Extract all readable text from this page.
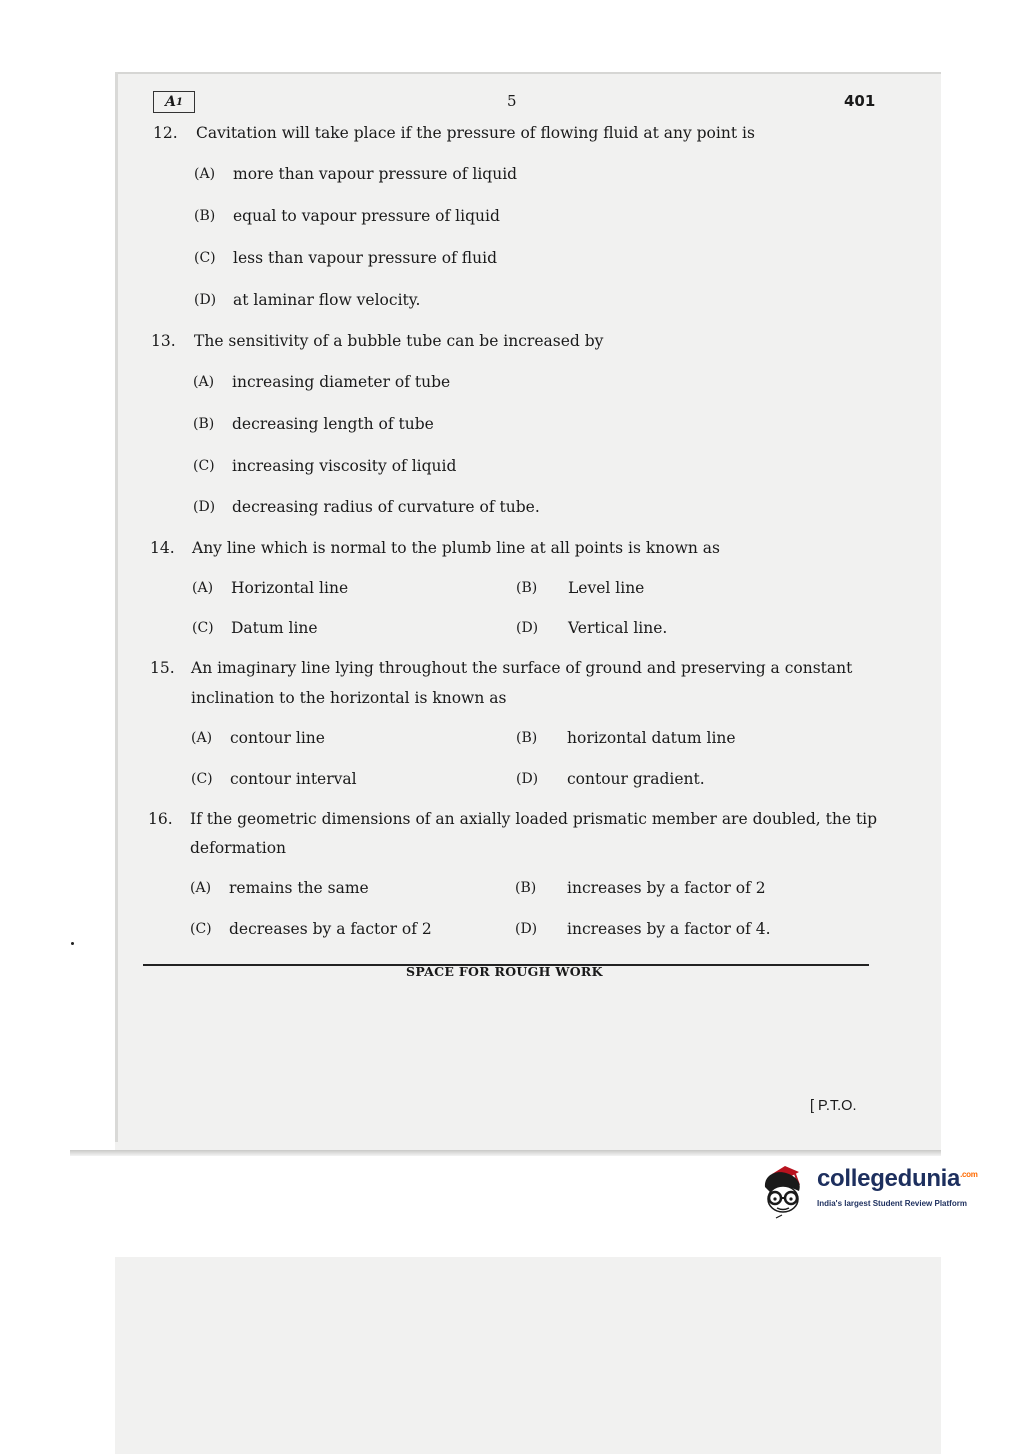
A 1	5	401
12. Cavitation will take place if the pressure of flowing fluid at any point is
(A) more than vapour pressure of liquid
(B) equal to vapour pressure of liquid
(C) less than vapour pressure of fluid
(D) at laminar flow velocity.
13. The sensitivity of a bubble tube can be increased by
(A) increasing diameter of tube
(B) decreasing length of tube
(C) increasing viscosity of liquid
(D) decreasing radius of curvature of tube.
14. Any line which is normal to the plumb line at all points is known as
(A) Horizontal line	(B) Level line
(C) Datum line	(D) Vertical line.
15. An imaginary line lying throughout the surface of ground and preserving a constant
inclination to the horizontal is known as
(A) contour line	(B) horizontal datum line
(C) contour interval	(D) contour gradient.
16. If the geometric dimensions of an axially loaded prismatic member are doubled, the tip
deformation
(A) remains the same	(B) increases by a factor of 2
(C) decreases by a factor of 2	(D) increases by a factor of 4.
SPACE FOR ROUGH WORK
[ P.T.O.
collegedunia$^{.com}$
India's largest Student Review Platform
